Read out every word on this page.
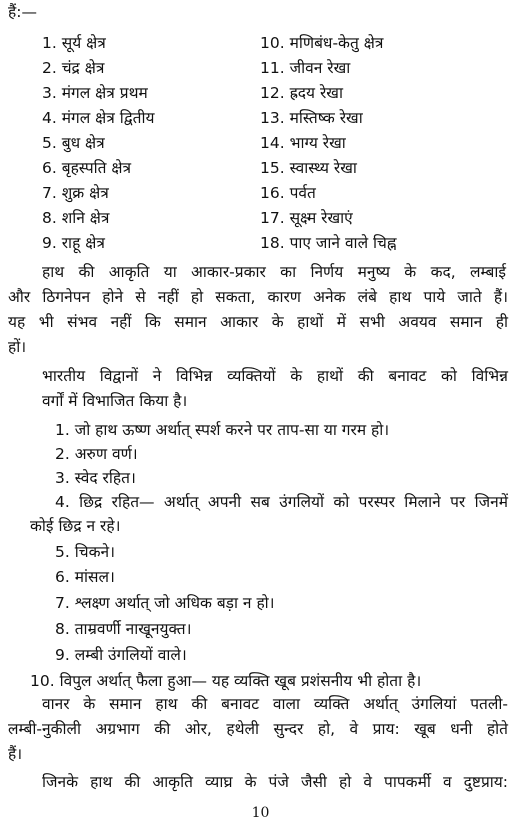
हैं:—
1. सूर्य क्षेत्र
2. चंद्र क्षेत्र
3. मंगल क्षेत्र प्रथम
4. मंगल क्षेत्र द्वितीय
5. बुध क्षेत्र
6. बृहस्पति क्षेत्र
7. शुक्र क्षेत्र
8. शनि क्षेत्र
9. राहू क्षेत्र
10. मणिबंध-केतु क्षेत्र
11. जीवन रेखा
12. ह्रदय रेखा
13. मस्तिष्क रेखा
14. भाग्य रेखा
15. स्वास्थ्य रेखा
16. पर्वत
17. सूक्ष्म रेखाएं
18. पाए जाने वाले चिह्न
हाथ की आकृति या आकार-प्रकार का निर्णय मनुष्य के कद, लम्बाई
और ठिगनेपन होने से नहीं हो सकता, कारण अनेक लंबे हाथ पाये जाते हैं।
यह भी संभव नहीं कि समान आकार के हाथों में सभी अवयव समान ही
हों।
भारतीय विद्वानों ने विभिन्न व्यक्तियों के हाथों की बनावट को विभिन्न
वर्गों में विभाजित किया है।
1. जो हाथ ऊष्ण अर्थात् स्पर्श करने पर ताप-सा या गरम हो।
2. अरुण वर्ण।
3. स्वेद रहित।
4. छिद्र रहित— अर्थात् अपनी सब उंगलियों को परस्पर मिलाने पर जिनमें
कोई छिद्र न रहे।
5. चिकने।
6. मांसल।
7. श्लक्ष्ण अर्थात् जो अधिक बड़ा न हो।
8. ताम्रवर्णी नाखूनयुक्त।
9. लम्बी उंगलियों वाले।
10. विपुल अर्थात् फैला हुआ— यह व्यक्ति खूब प्रशंसनीय भी होता है।
वानर के समान हाथ की बनावट वाला व्यक्ति अर्थात् उंगलियां पतली-
लम्बी-नुकीली अग्रभाग की ओर, हथेली सुन्दर हो, वे प्राय: खूब धनी होते
हैं।
जिनके हाथ की आकृति व्याघ्र के पंजे जैसी हो वे पापकर्मी व दुष्टप्राय:
10
